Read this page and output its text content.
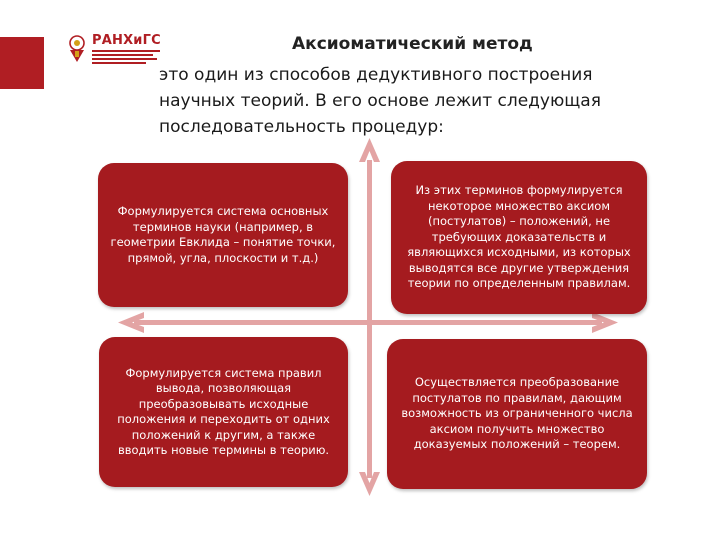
РАНХиГС	Аксиоматический метод
это один из способов дедуктивного построения
научных теорий. В его основе лежит следующая
последовательность процедур:
Формулируется система основных терминов науки (например, в геометрии Евклида – понятие точки, прямой, угла, плоскости и т.д.)
Из этих терминов формулируется некоторое множество аксиом (постулатов) – положений, не требующих доказательств и являющихся исходными, из которых выводятся все другие утверждения теории по определенным правилам.
Формулируется система правил вывода, позволяющая преобразовывать исходные положения и переходить от одних положений к другим, а также вводить новые термины в теорию.
Осуществляется преобразование постулатов по правилам, дающим возможность из ограниченного числа аксиом получить множество доказуемых положений – теорем.
